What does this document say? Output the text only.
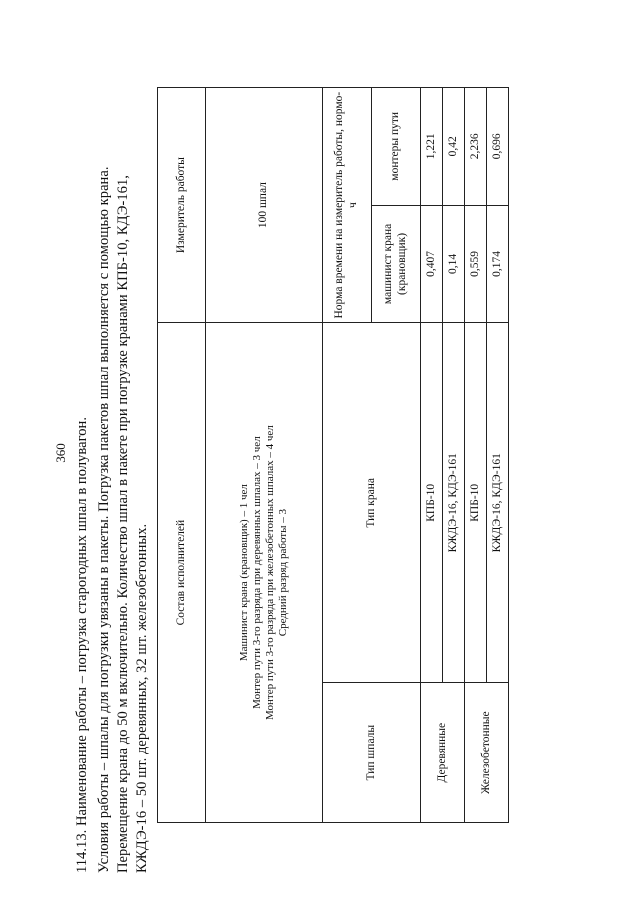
360 114.13. Наименование работы – погрузка старогодных шпал в полувагон. Условия работы – шпалы для погрузки увязаны в пакеты. Погрузка пакетов шпал выполняется с помощью крана. Перемещение крана до 50 м включительно. Количество шпал в пакете при погрузке кранами КПБ-10, КДЭ-161, КЖДЭ-16 – 50 шт. деревянных, 32 шт. железобетонных. Состав исполнителей		Измеритель работы	

Машинист крана (крановщик) – 1 чел Монтер пути 3-го разряда при деревянных шпалах – 3 чел Монтер пути 3-го разряда при железобетонных шпалах – 4 чел Средний разряд работы – 3		100 шпал	
Тип шпалы	Тип крана	Норма времени на измеритель работы, нормо-ч	
		машинист крана (крановщик)	монтеры пути
Деревянные	КПБ-10	0,407	1,221
	КЖДЭ-16, КДЭ-161	0,14	0,42
Железобетонные	КПБ-10	0,559	2,236
	КЖДЭ-16, КДЭ-161	0,174	0,696
